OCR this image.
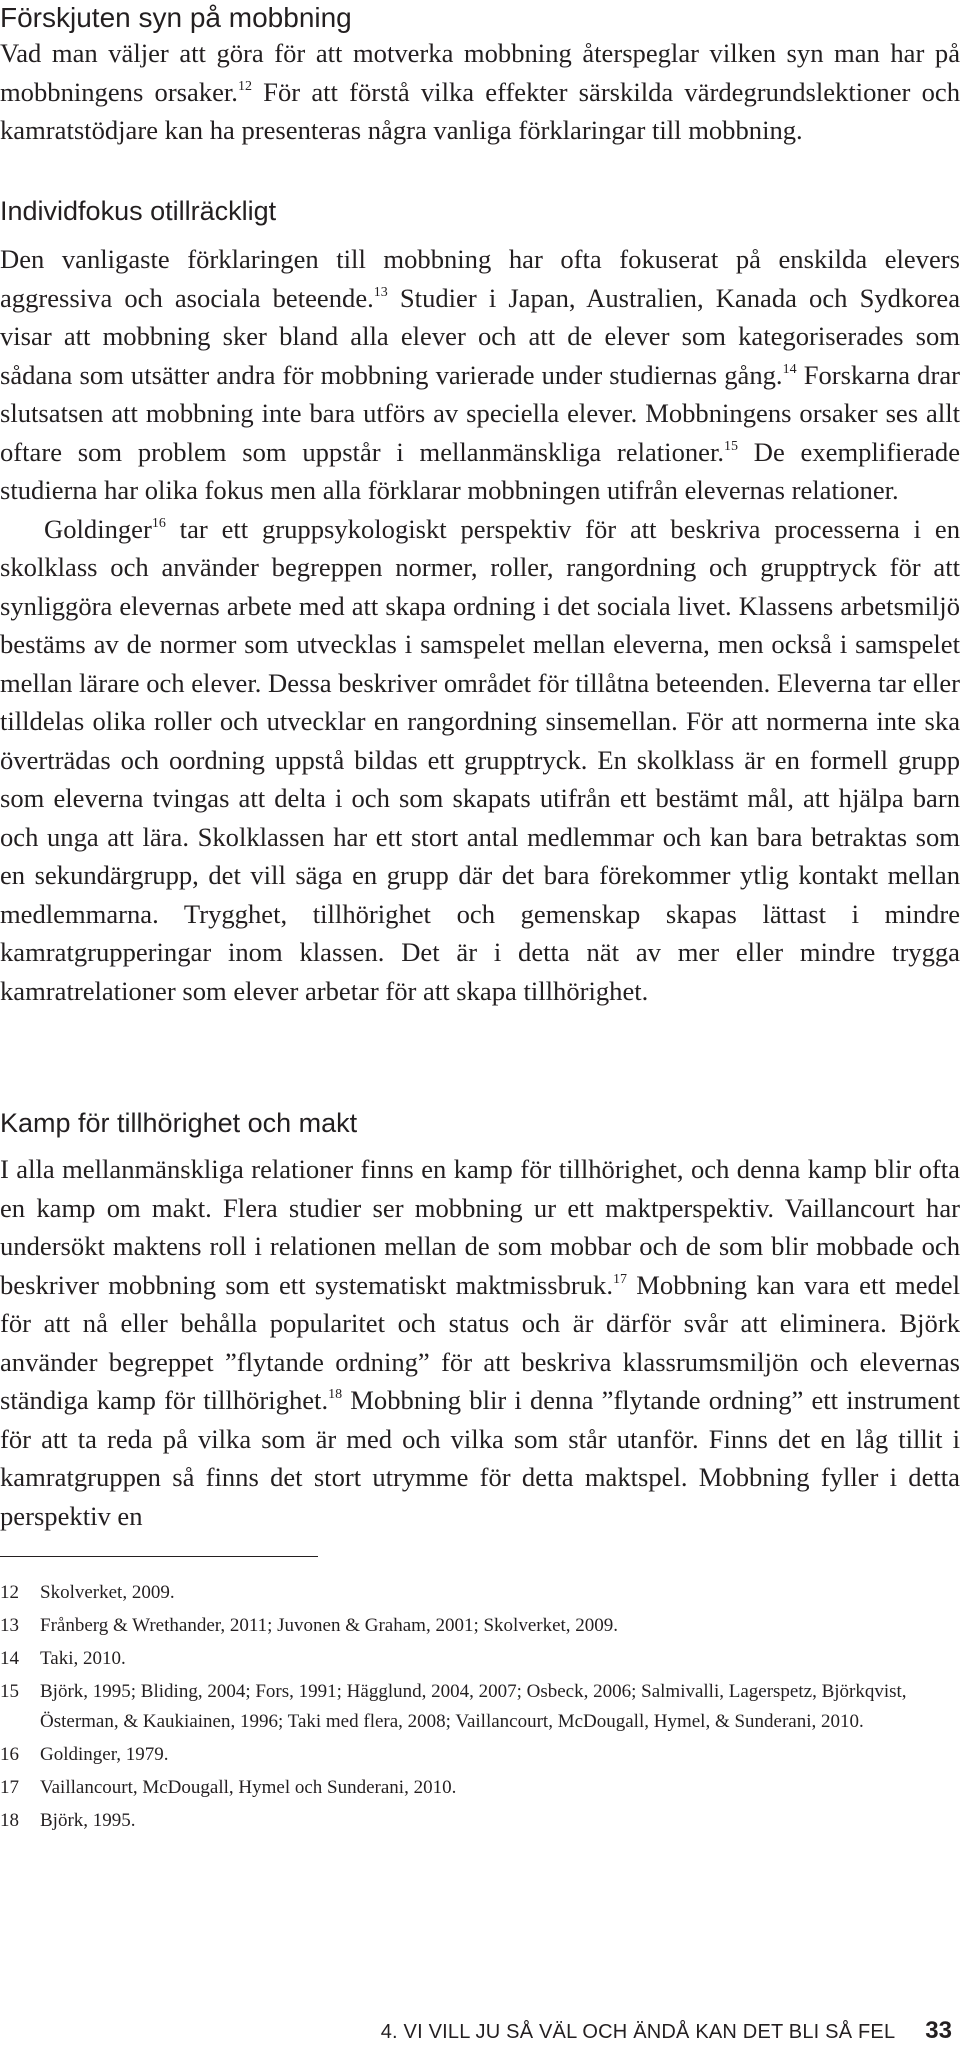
Förskjuten syn på mobbning

Vad man väljer att göra för att motverka mobbning återspeglar vilken syn man har på mobbningens orsaker.$^{12}$ För att förstå vilka effekter särskilda värdegrundslektioner och kamratstödjare kan ha presenteras några vanliga förklaringar till mobbning.

Individfokus otillräckligt

Den vanligaste förklaringen till mobbning har ofta fokuserat på enskilda elevers aggressiva och asociala beteende.$^{13}$ Studier i Japan, Australien, Kanada och Sydkorea visar att mobbning sker bland alla elever och att de elever som kategoriserades som sådana som utsätter andra för mobbning varierade under studiernas gång.$^{14}$ Forskarna drar slutsatsen att mobbning inte bara utförs av speciella elever. Mobbningens orsaker ses allt oftare som problem som uppstår i mellanmänskliga relationer.$^{15}$ De exemplifierade studierna har olika fokus men alla förklarar mobbningen utifrån elevernas relationer.

Goldinger$^{16}$ tar ett gruppsykologiskt perspektiv för att beskriva processerna i en skolklass och använder begreppen normer, roller, rangordning och grupptryck för att synliggöra elevernas arbete med att skapa ordning i det sociala livet. Klassens arbetsmiljö bestäms av de normer som utvecklas i samspelet mellan eleverna, men också i samspelet mellan lärare och elever. Dessa beskriver området för tillåtna beteenden. Eleverna tar eller tilldelas olika roller och utvecklar en rangordning sinsemellan. För att normerna inte ska överträdas och oordning uppstå bildas ett grupptryck. En skolklass är en formell grupp som eleverna tvingas att delta i och som skapats utifrån ett bestämt mål, att hjälpa barn och unga att lära. Skolklassen har ett stort antal medlemmar och kan bara betraktas som en sekundärgrupp, det vill säga en grupp där det bara förekommer ytlig kontakt mellan medlemmarna. Trygghet, tillhörighet och gemenskap skapas lättast i mindre kamratgrupperingar inom klassen. Det är i detta nät av mer eller mindre trygga kamratrelationer som elever arbetar för att skapa tillhörighet.

Kamp för tillhörighet och makt

I alla mellanmänskliga relationer finns en kamp för tillhörighet, och denna kamp blir ofta en kamp om makt. Flera studier ser mobbning ur ett maktperspektiv. Vaillancourt har undersökt maktens roll i relationen mellan de som mobbar och de som blir mobbade och beskriver mobbning som ett systematiskt maktmissbruk.$^{17}$ Mobbning kan vara ett medel för att nå eller behålla popularitet och status och är därför svår att eliminera. Björk använder begreppet ”flytande ordning” för att beskriva klassrumsmiljön och elevernas ständiga kamp för tillhörighet.$^{18}$ Mobbning blir i denna ”flytande ordning” ett instrument för att ta reda på vilka som är med och vilka som står utanför. Finns det en låg tillit i kamratgruppen så finns det stort utrymme för detta maktspel. Mobbning fyller i detta perspektiv en

12	Skolverket, 2009.
13	Frånberg & Wrethander, 2011; Juvonen & Graham, 2001; Skolverket, 2009.
14	Taki, 2010.
15	Björk, 1995; Bliding, 2004; Fors, 1991; Hägglund, 2004, 2007; Osbeck, 2006; Salmivalli, Lagerspetz, Björkqvist, Österman, & Kaukiainen, 1996; Taki med flera, 2008; Vaillancourt, McDougall, Hymel, & Sunderani, 2010.
16	Goldinger, 1979.
17	Vaillancourt, McDougall, Hymel och Sunderani, 2010.
18	Björk, 1995.
4. VI VILL JU SÅ VÄL OCH ÄNDÅ KAN DET BLI SÅ FEL 33
